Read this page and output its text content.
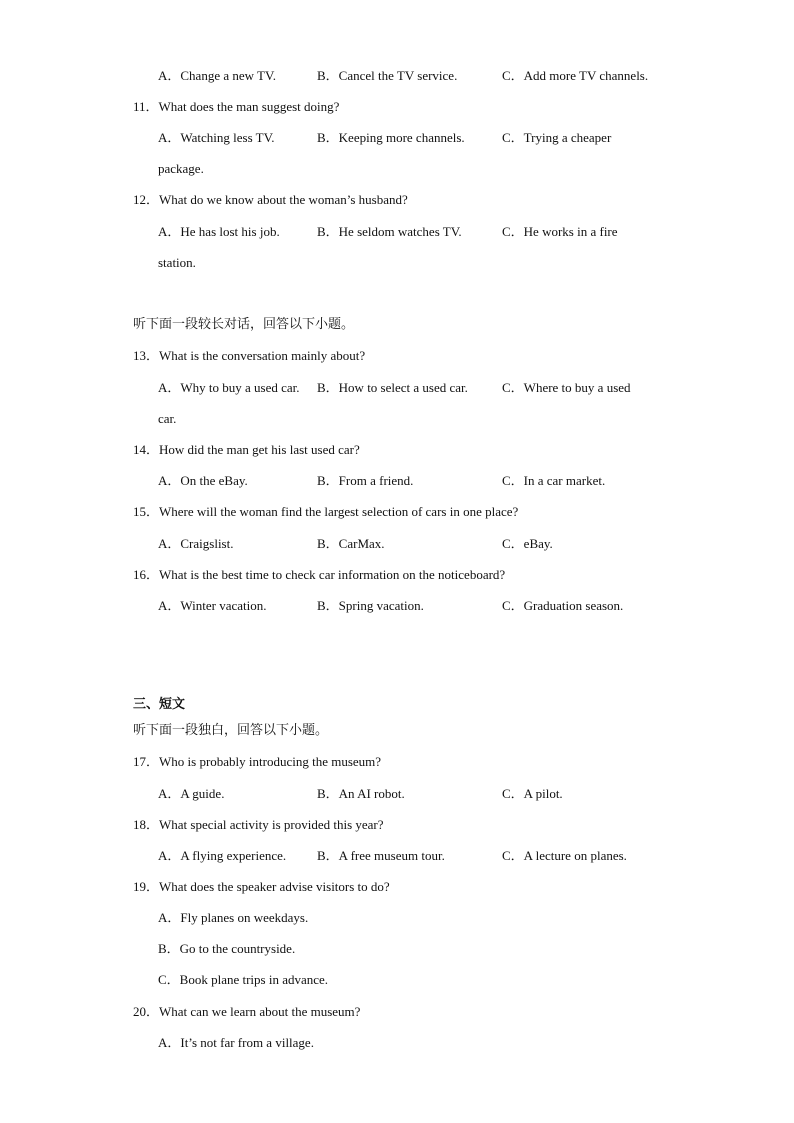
A．Change a new TV.	B．Cancel the TV service.	C．Add more TV channels.
11．What does the man suggest doing?
A．Watching less TV.	B．Keeping more channels.	C．Trying a cheaper
package.
12．What do we know about the woman’s husband?
A．He has lost his job.	B．He seldom watches TV.	C．He works in a fire
station.
听下面一段较长对话，回答以下小题。
13．What is the conversation mainly about?
A．Why to buy a used car. B．How to select a used car.	C．Where to buy a used
car.
14．How did the man get his last used car?
A．On the eBay.	B．From a friend.	C．In a car market.
15．Where will the woman find the largest selection of cars in one place?
A．Craigslist.	B．CarMax.	C．eBay.
16．What is the best time to check car information on the noticeboard?
A．Winter vacation.	B．Spring vacation.	C．Graduation season.
三、短文
听下面一段独白，回答以下小题。
17．Who is probably introducing the museum?
A．A guide.	B．An AI robot.	C．A pilot.
18．What special activity is provided this year?
A．A flying experience. B．A free museum tour.	C．A lecture on planes.
19．What does the speaker advise visitors to do?
A．Fly planes on weekdays.
B．Go to the countryside.
C．Book plane trips in advance.
20．What can we learn about the museum?
A．It’s not far from a village.
